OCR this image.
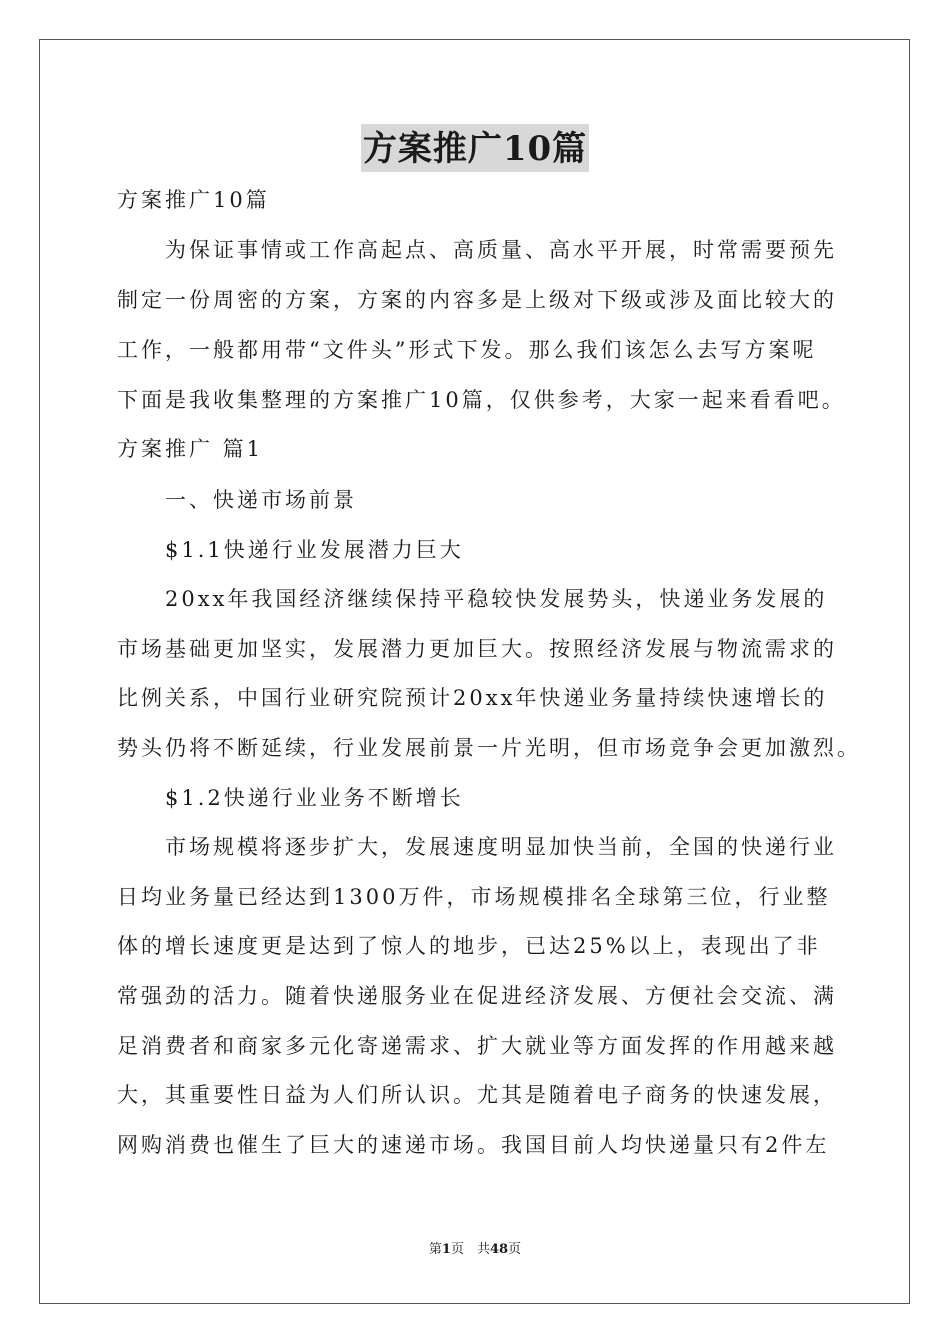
方案推广10篇
方案推广10篇
为保证事情或工作高起点、高质量、高水平开展，时常需要预先
制定一份周密的方案，方案的内容多是上级对下级或涉及面比较大的
工作，一般都用带“文件头”形式下发。那么我们该怎么去写方案呢
下面是我收集整理的方案推广10篇，仅供参考，大家一起来看看吧。
方案推广 篇1
一、快递市场前景
$1.1快递行业发展潜力巨大
20xx年我国经济继续保持平稳较快发展势头，快递业务发展的
市场基础更加坚实，发展潜力更加巨大。按照经济发展与物流需求的
比例关系，中国行业研究院预计20xx年快递业务量持续快速增长的
势头仍将不断延续，行业发展前景一片光明，但市场竞争会更加激烈。
$1.2快递行业业务不断增长
市场规模将逐步扩大，发展速度明显加快当前，全国的快递行业
日均业务量已经达到1300万件，市场规模排名全球第三位，行业整
体的增长速度更是达到了惊人的地步，已达25%以上，表现出了非
常强劲的活力。随着快递服务业在促进经济发展、方便社会交流、满
足消费者和商家多元化寄递需求、扩大就业等方面发挥的作用越来越
大，其重要性日益为人们所认识。尤其是随着电子商务的快速发展，
网购消费也催生了巨大的速递市场。我国目前人均快递量只有2件左
第1页　共48页
